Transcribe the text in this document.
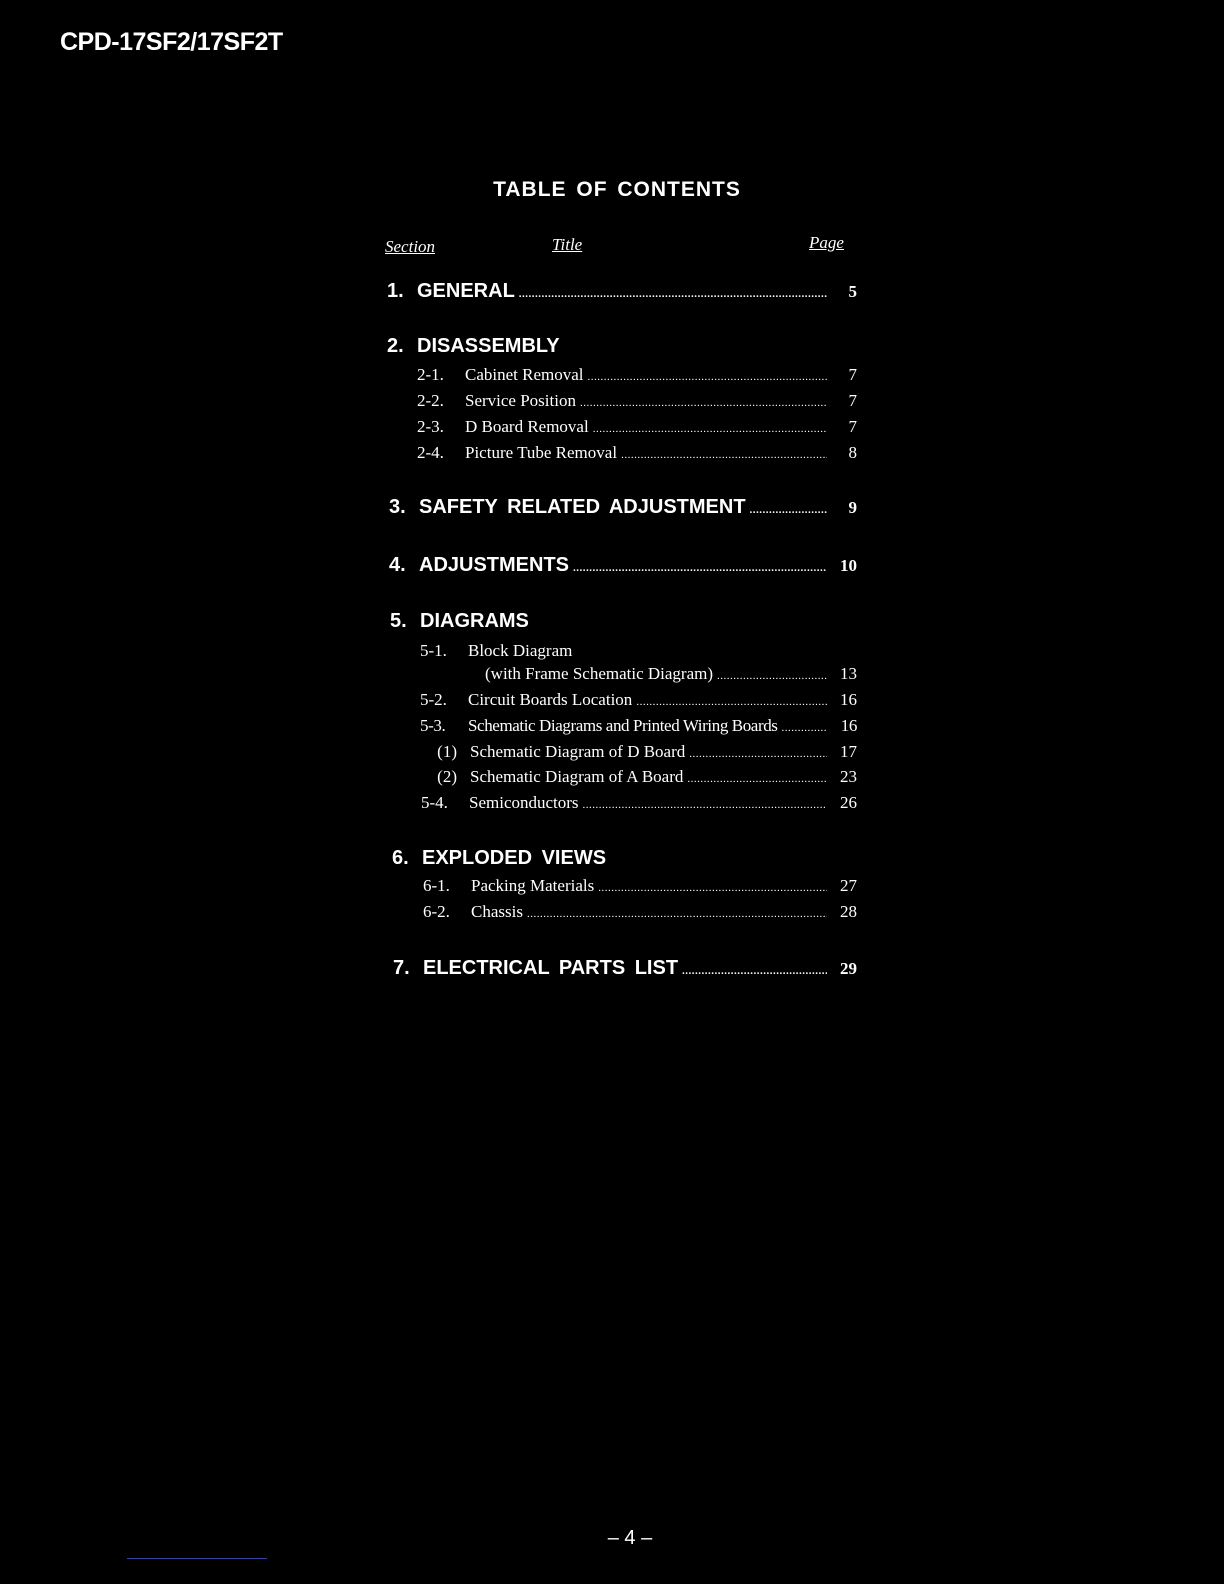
CPD-17SF2/17SF2T
TABLE OF CONTENTS
Section	Title	Page
1. GENERAL .....	5
2. DISASSEMBLY
2-1.	Cabinet Removal .....	7
2-2.	Service Position .....	7
2-3.	D Board Removal .....	7
2-4.	Picture Tube Removal .....	8
3. SAFETY RELATED ADJUSTMENT .....	9
4. ADJUSTMENTS .....	10
5. DIAGRAMS
5-1. Block Diagram
(with Frame Schematic Diagram) .....	13
5-2.	Circuit Boards Location .....	16
5-3.	Schematic Diagrams and Printed Wiring Boards .....	16
(1) Schematic Diagram of D Board .....	17
(2) Schematic Diagram of A Board .....	23
5-4.	Semiconductors .....	26
6. EXPLODED VIEWS
6-1.	Packing Materials .....	27
6-2.	Chassis .....	28
7. ELECTRICAL PARTS LIST .....	29
– 4 –
